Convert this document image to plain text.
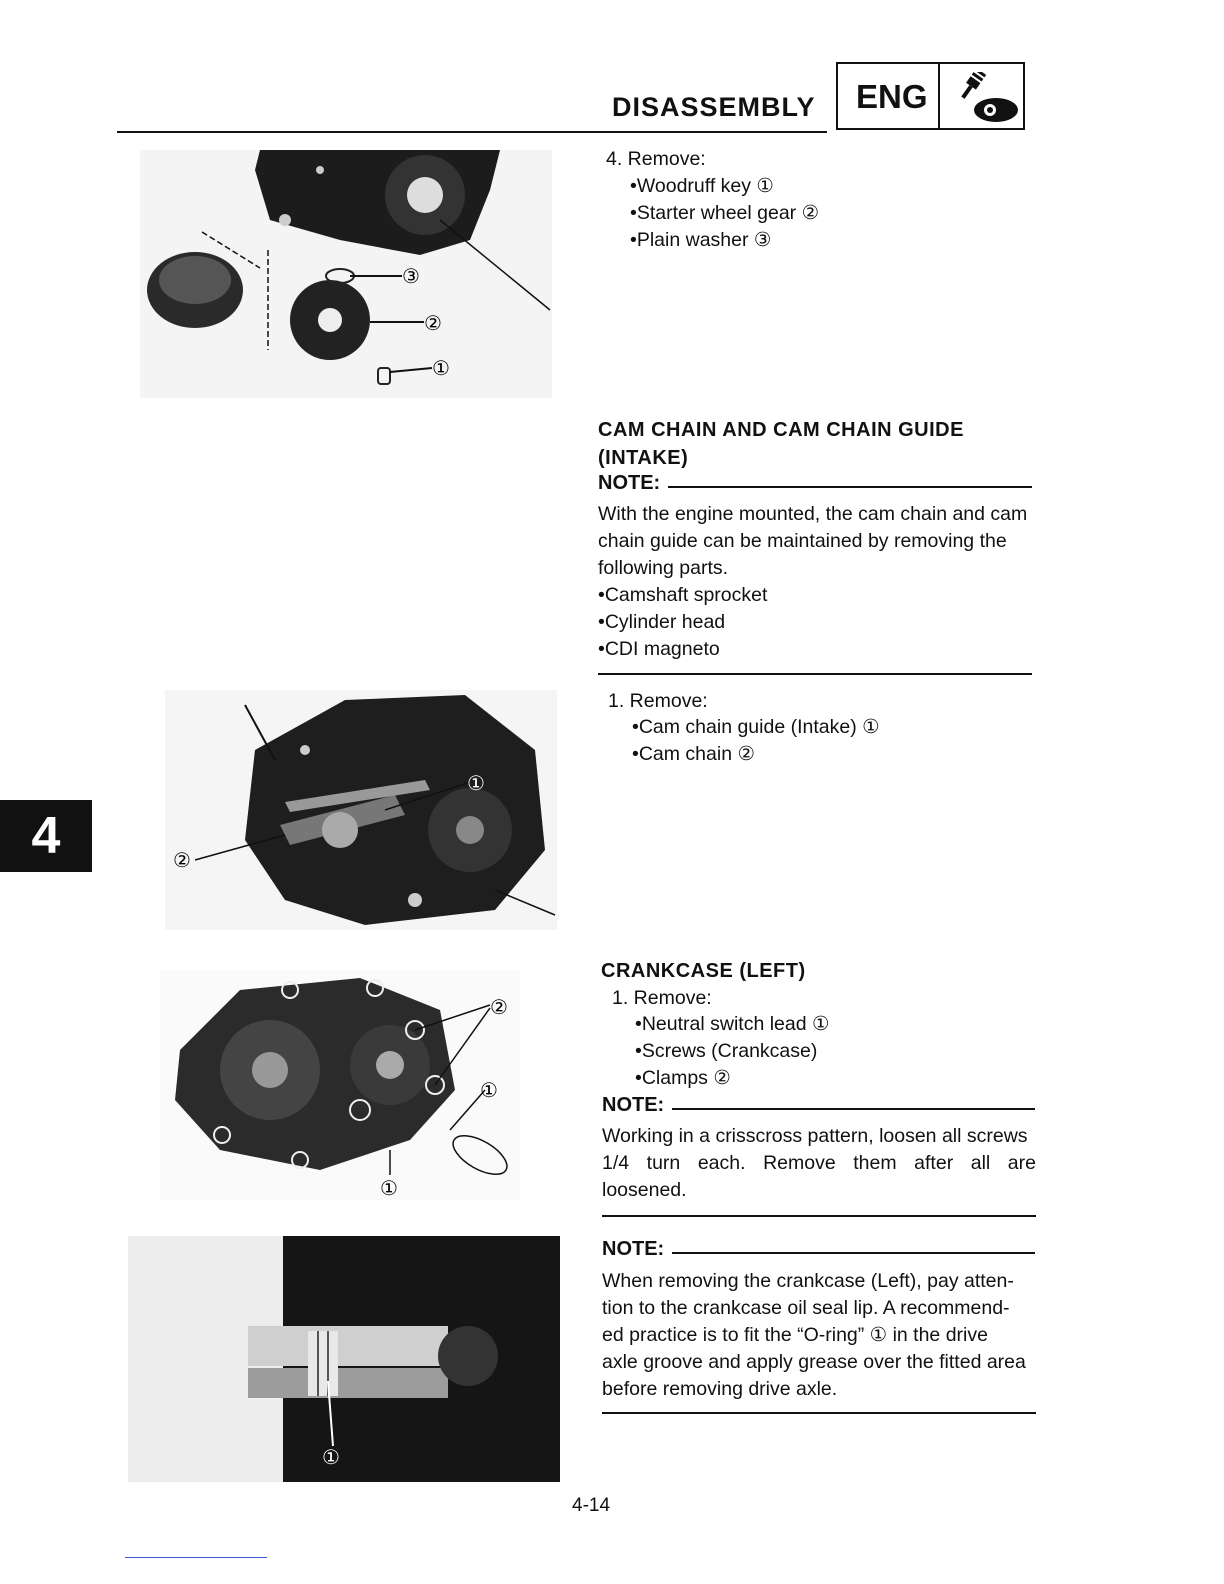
DISASSEMBLY ENG
③
②
①
4. Remove:
•Woodruff key ①
•Starter wheel gear ②
•Plain washer ③
CAM CHAIN AND CAM CHAIN GUIDE
(INTAKE)
NOTE:
With the engine mounted, the cam chain and cam
chain guide can be maintained by removing the
following parts.
•Camshaft sprocket
•Cylinder head
•CDI magneto
1. Remove:
•Cam chain guide (Intake) ①
•Cam chain ②
①
②
4
CRANKCASE (LEFT)
1. Remove:
•Neutral switch lead ①
•Screws (Crankcase)
•Clamps ②
NOTE:
Working in a crisscross pattern, loosen all screws
1/4 turn each. Remove them after all are
loosened.
②
①
①
NOTE:
When removing the crankcase (Left), pay atten-
tion to the crankcase oil seal lip. A recommend-
ed practice is to fit the “O-ring” ① in the drive
axle groove and apply grease over the fitted area
before removing drive axle.
①
4-14
